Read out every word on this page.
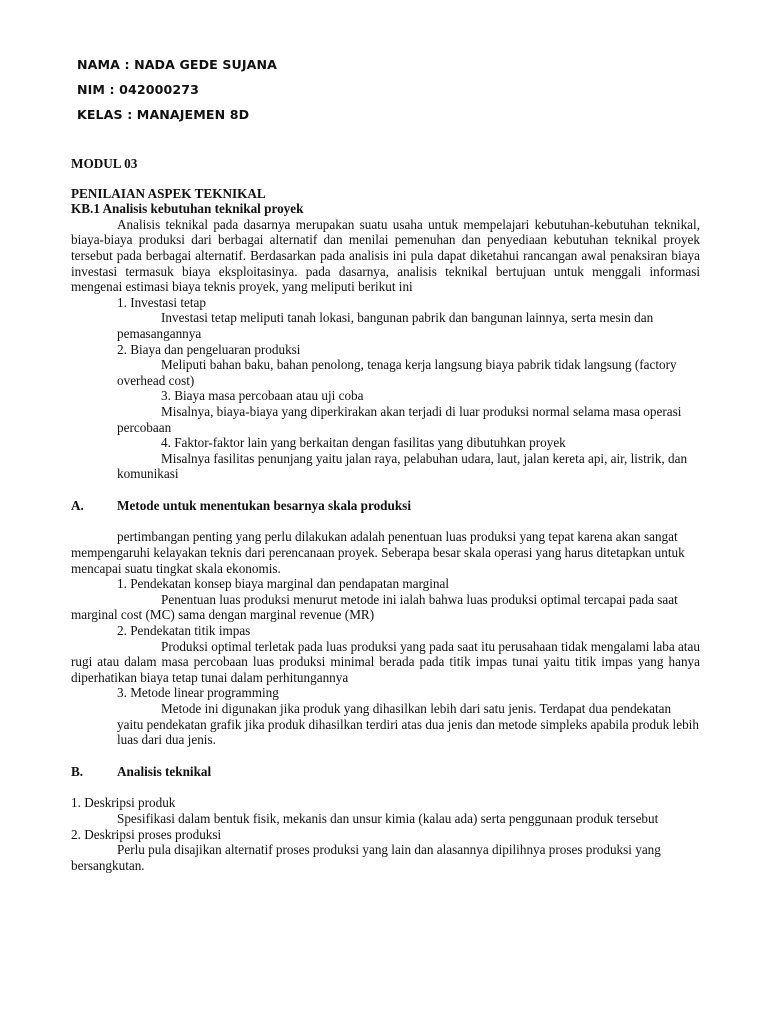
NAMA : NADA GEDE SUJANA
NIM : 042000273
KELAS : MANAJEMEN 8D

MODUL 03

PENILAIAN ASPEK TEKNIKAL

KB.1 Analisis kebutuhan teknikal proyek

Analisis teknikal pada dasarnya merupakan suatu usaha untuk mempelajari kebutuhan-kebutuhan teknikal, biaya-biaya produksi dari berbagai alternatif dan menilai pemenuhan dan penyediaan kebutuhan teknikal proyek tersebut pada berbagai alternatif. Berdasarkan pada analisis ini pula dapat diketahui rancangan awal penaksiran biaya investasi termasuk biaya eksploitasinya. pada dasarnya, analisis teknikal bertujuan untuk menggali informasi mengenai estimasi biaya teknis proyek, yang meliputi berikut ini

1. Investasi tetap

Investasi tetap meliputi tanah lokasi, bangunan pabrik dan bangunan lainnya, serta mesin dan pemasangannya

2. Biaya dan pengeluaran produksi

Meliputi bahan baku, bahan penolong, tenaga kerja langsung biaya pabrik tidak langsung (factory overhead cost)

3. Biaya masa percobaan atau uji coba

Misalnya, biaya-biaya yang diperkirakan akan terjadi di luar produksi normal selama masa operasi percobaan

4. Faktor-faktor lain yang berkaitan dengan fasilitas yang dibutuhkan proyek

Misalnya fasilitas penunjang yaitu jalan raya, pelabuhan udara, laut, jalan kereta api, air, listrik, dan komunikasi

A.	Metode untuk menentukan besarnya skala produksi

pertimbangan penting yang perlu dilakukan adalah penentuan luas produksi yang tepat karena akan sangat mempengaruhi kelayakan teknis dari perencanaan proyek. Seberapa besar skala operasi yang harus ditetapkan untuk mencapai suatu tingkat skala ekonomis.

1. Pendekatan konsep biaya marginal dan pendapatan marginal

Penentuan luas produksi menurut metode ini ialah bahwa luas produksi optimal tercapai pada saat marginal cost (MC) sama dengan marginal revenue (MR)

2. Pendekatan titik impas

Produksi optimal terletak pada luas produksi yang pada saat itu perusahaan tidak mengalami laba atau rugi atau dalam masa percobaan luas produksi minimal berada pada titik impas tunai yaitu titik impas yang hanya diperhatikan biaya tetap tunai dalam perhitungannya

3. Metode linear programming

Metode ini digunakan jika produk yang dihasilkan lebih dari satu jenis. Terdapat dua pendekatan yaitu pendekatan grafik jika produk dihasilkan terdiri atas dua jenis dan metode simpleks apabila produk lebih luas dari dua jenis.

B.	Analisis teknikal

1. Deskripsi produk

Spesifikasi dalam bentuk fisik, mekanis dan unsur kimia (kalau ada) serta penggunaan produk tersebut

2. Deskripsi proses produksi

Perlu pula disajikan alternatif proses produksi yang lain dan alasannya dipilihnya proses produksi yang bersangkutan.
